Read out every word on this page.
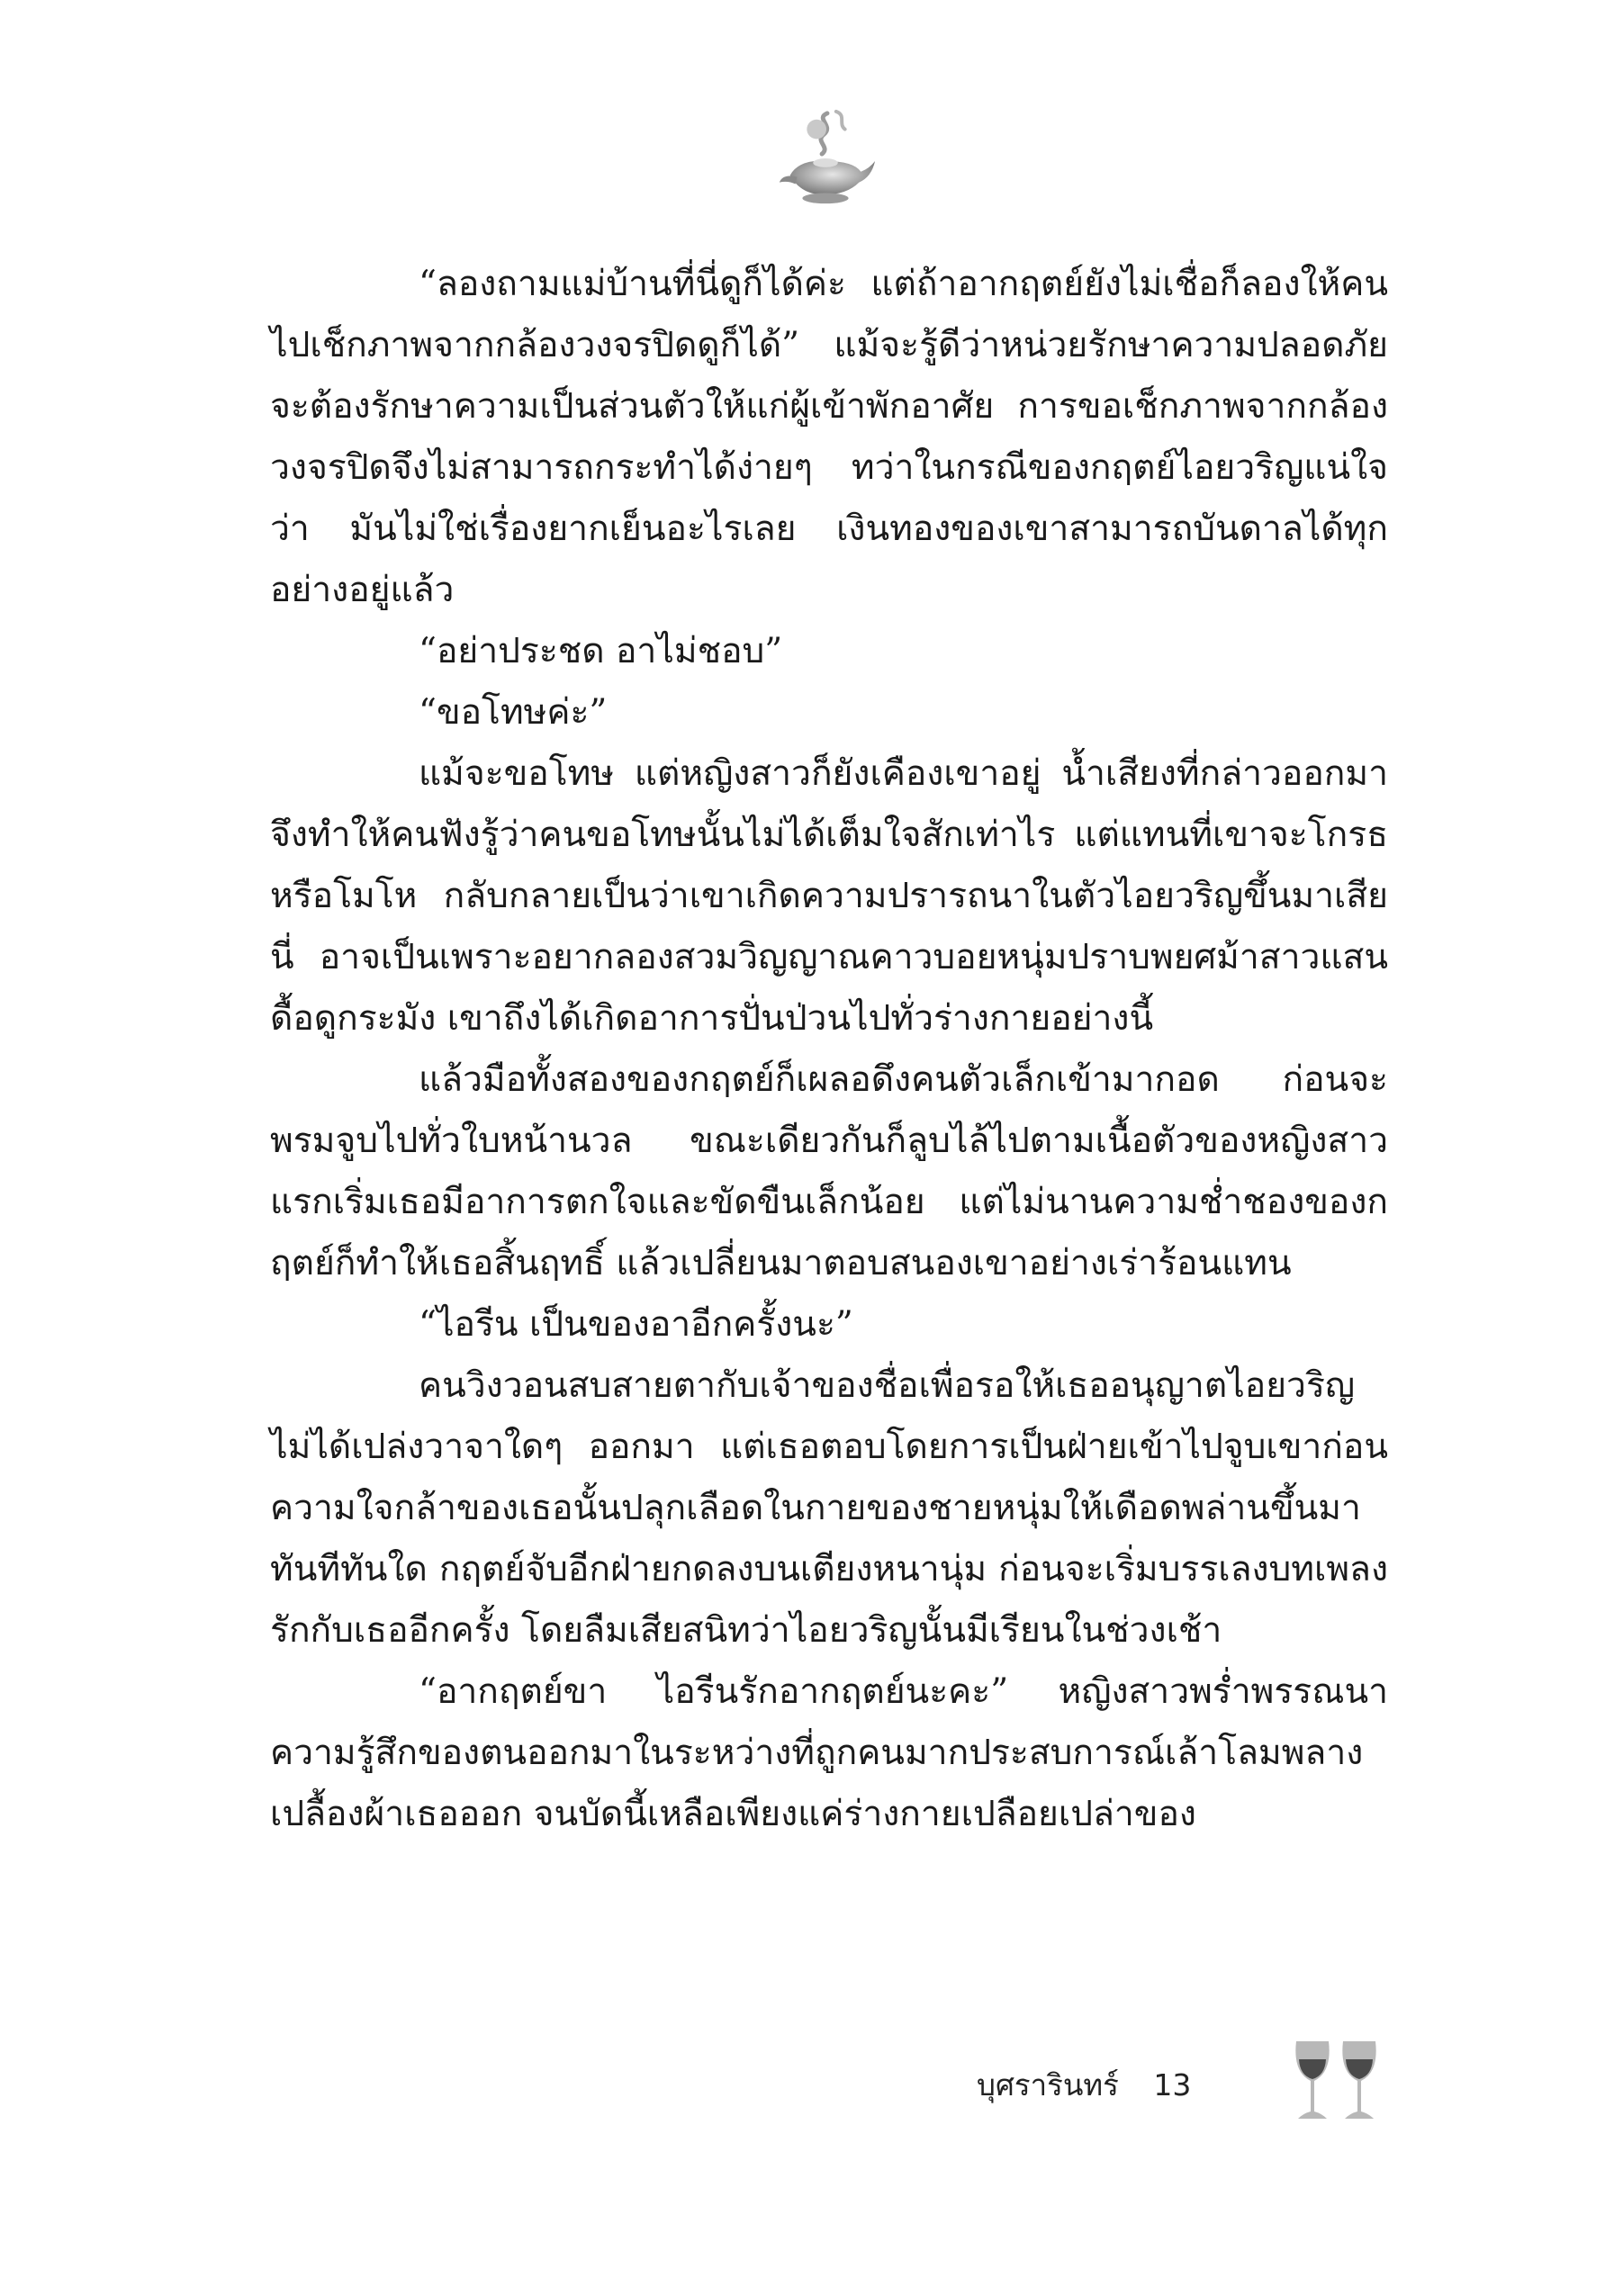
“ลองถามแม่บ้านที่นี่ดูก็ได้ค่ะ แต่ถ้าอากฤตย์ยังไม่เชื่อก็ลองให้คนไปเช็กภาพจากกล้องวงจรปิดดูก็ได้” แม้จะรู้ดีว่าหน่วยรักษาความปลอดภัยจะต้องรักษาความเป็นส่วนตัวให้แก่ผู้เข้าพักอาศัย การขอเช็กภาพจากกล้องวงจรปิดจึงไม่สามารถกระทำได้ง่ายๆ ทว่าในกรณีของกฤตย์ไอยวริญแน่ใจว่า มันไม่ใช่เรื่องยากเย็นอะไรเลย เงินทองของเขาสามารถบันดาลได้ทุกอย่างอยู่แล้ว

“อย่าประชด อาไม่ชอบ”

“ขอโทษค่ะ”

แม้จะขอโทษ แต่หญิงสาวก็ยังเคืองเขาอยู่ น้ำเสียงที่กล่าวออกมาจึงทำให้คนฟังรู้ว่าคนขอโทษนั้นไม่ได้เต็มใจสักเท่าไร แต่แทนที่เขาจะโกรธหรือโมโห กลับกลายเป็นว่าเขาเกิดความปรารถนาในตัวไอยวริญขึ้นมาเสียนี่ อาจเป็นเพราะอยากลองสวมวิญญาณคาวบอยหนุ่มปราบพยศม้าสาวแสนดื้อดูกระมัง เขาถึงได้เกิดอาการปั่นป่วนไปทั่วร่างกายอย่างนี้

แล้วมือทั้งสองของกฤตย์ก็เผลอดึงคนตัวเล็กเข้ามากอด ก่อนจะพรมจูบไปทั่วใบหน้านวล ขณะเดียวกันก็ลูบไล้ไปตามเนื้อตัวของหญิงสาว แรกเริ่มเธอมีอาการตกใจและขัดขืนเล็กน้อย แต่ไม่นานความช่ำชองของกฤตย์ก็ทำให้เธอสิ้นฤทธิ์ แล้วเปลี่ยนมาตอบสนองเขาอย่างเร่าร้อนแทน

“ไอรีน เป็นของอาอีกครั้งนะ”

คนวิงวอนสบสายตากับเจ้าของชื่อเพื่อรอให้เธออนุญาตไอยวริญไม่ได้เปล่งวาจาใดๆ ออกมา แต่เธอตอบโดยการเป็นฝ่ายเข้าไปจูบเขาก่อน ความใจกล้าของเธอนั้นปลุกเลือดในกายของชายหนุ่มให้เดือดพล่านขึ้นมาทันทีทันใด กฤตย์จับอีกฝ่ายกดลงบนเตียงหนานุ่ม ก่อนจะเริ่มบรรเลงบทเพลงรักกับเธออีกครั้ง โดยลืมเสียสนิทว่าไอยวริญนั้นมีเรียนในช่วงเช้า

“อากฤตย์ขา ไอรีนรักอากฤตย์นะคะ” หญิงสาวพร่ำพรรณนาความรู้สึกของตนออกมาในระหว่างที่ถูกคนมากประสบการณ์เล้าโลมพลางเปลื้องผ้าเธอออก จนบัดนี้เหลือเพียงแค่ร่างกายเปลือยเปล่าของ

บุศรารินทร์ 13
